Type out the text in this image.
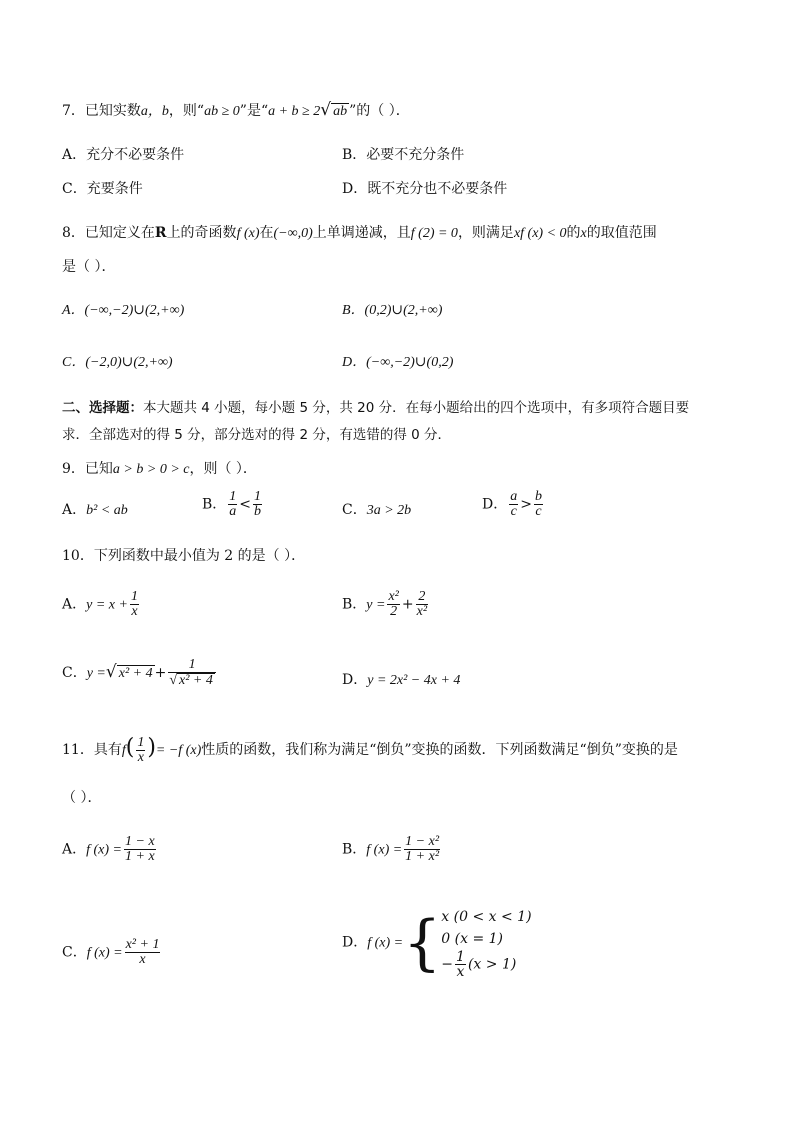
7．已知实数a，b，则“ab ≥ 0”是“a + b ≥ 2√ ab ”的（ ）．
A．充分不必要条件	B．必要不充分条件
C．充要条件	D．既不充分也不必要条件
8．已知定义在R上的奇函数f (x)在(−∞,0)上单调递减，且f (2) = 0，则满足xf (x) < 0的x的取值范围
是（ ）．
A．(−∞,−2)∪(2,+∞)	B．(0,2)∪(2,+∞)
C．(−2,0)∪(2,+∞)	D．(−∞,−2)∪(0,2)
二、选择题：本大题共 4 小题，每小题 5 分，共 20 分．在每小题给出的四个选项中，有多项符合题目要
求．全部选对的得 5 分，部分选对的得 2 分，有选错的得 0 分．
9．已知a > b > 0 > c，则（ ）．
A．b² < ab	B． $\frac{1}{a} < \frac{1}{b}$	C．3a > 2b	D． $\frac{a}{c} > \frac{b}{c}$
10．下列函数中最小值为 2 的是（ ）．
A．$y = x + \frac{1}{x}$	B．$y = \frac{\text{x²}}{2} + \frac{2}{\text{x²}}$
C．y =√ $x^2 + 4 + \frac{1}{\text{√ x² + 4}}$	D．y = 2x² − 4x + 4
11．具有$f( \frac{1}{x}$ )= −f (x)性质的函数，我们称为满足“倒负”变换的函数．下列函数满足“倒负”变换的是
（ ）．
A．f $(x) = \frac{1 - x}{1 + x}$	B．f $(x) = \frac{\text{1 − x²}}{\text{1 + x²}}$
C．f $(x) = \frac{\text{x² + 1}}{x}$	D．f (x) ={ x (0 < x < 1)
0 (x = 1)
− $\frac{1}{x} (x > 1)$
